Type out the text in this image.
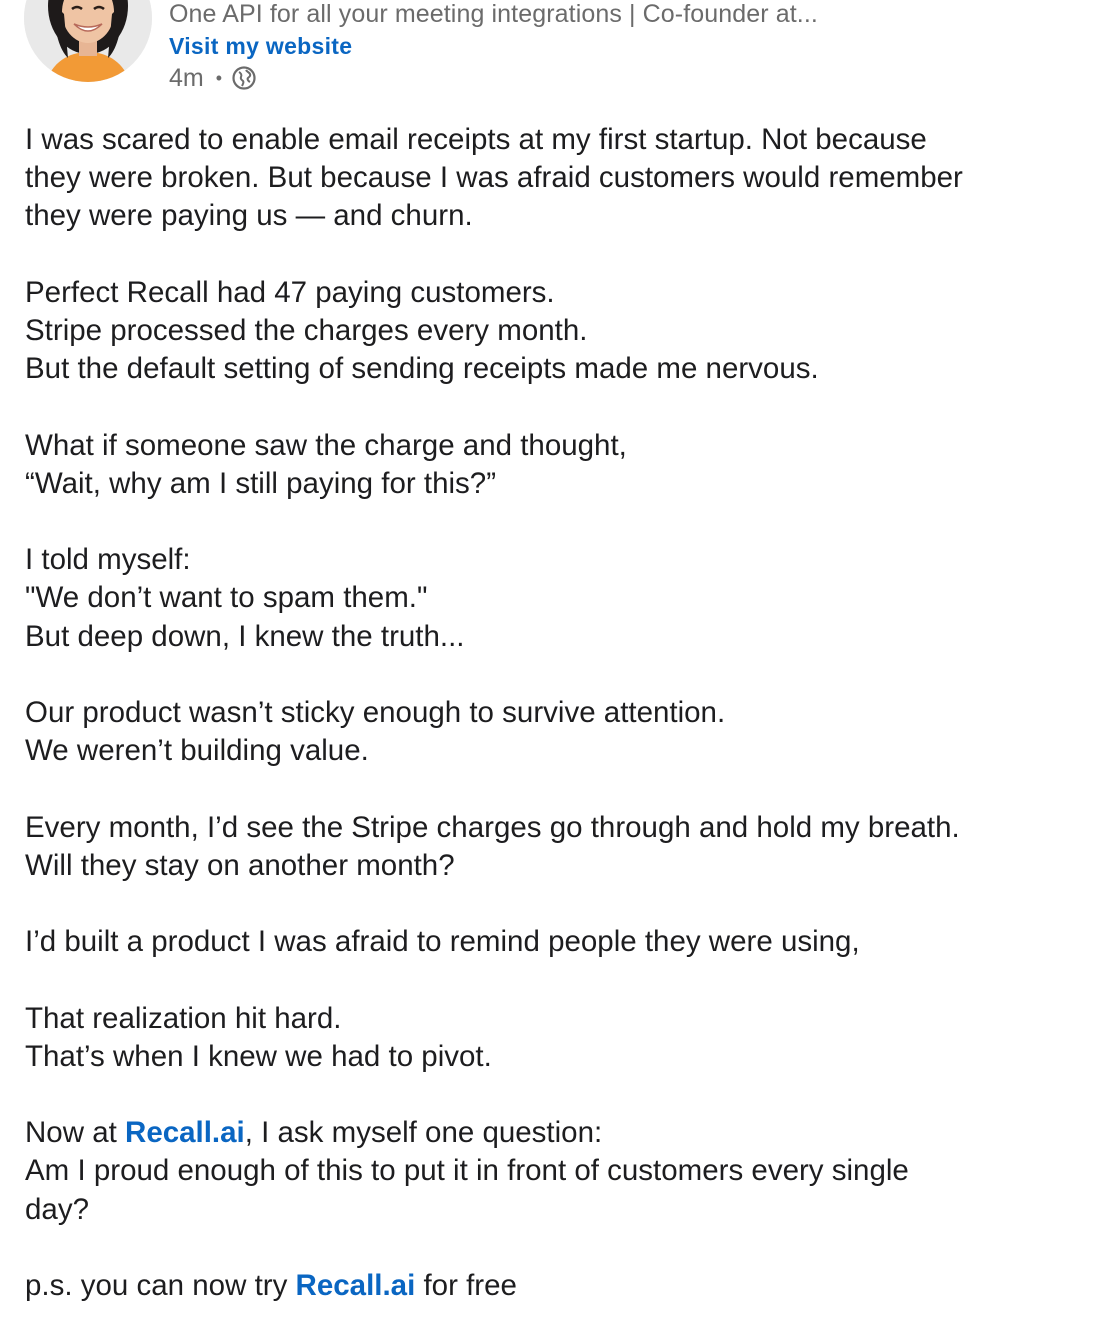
One API for all your meeting integrations | Co-founder at...
Visit my website
4m •

I was scared to enable email receipts at my first startup. Not because
they were broken. But because I was afraid customers would remember
they were paying us — and churn.

Perfect Recall had 47 paying customers.
Stripe processed the charges every month.
But the default setting of sending receipts made me nervous.

What if someone saw the charge and thought,
“Wait, why am I still paying for this?”

I told myself:
"We don’t want to spam them."
But deep down, I knew the truth...

Our product wasn’t sticky enough to survive attention.
We weren’t building value.

Every month, I’d see the Stripe charges go through and hold my breath.
Will they stay on another month?

I’d built a product I was afraid to remind people they were using,

That realization hit hard.
That’s when I knew we had to pivot.

Now at Recall.ai, I ask myself one question:
Am I proud enough of this to put it in front of customers every single
day?

p.s. you can now try Recall.ai for free
